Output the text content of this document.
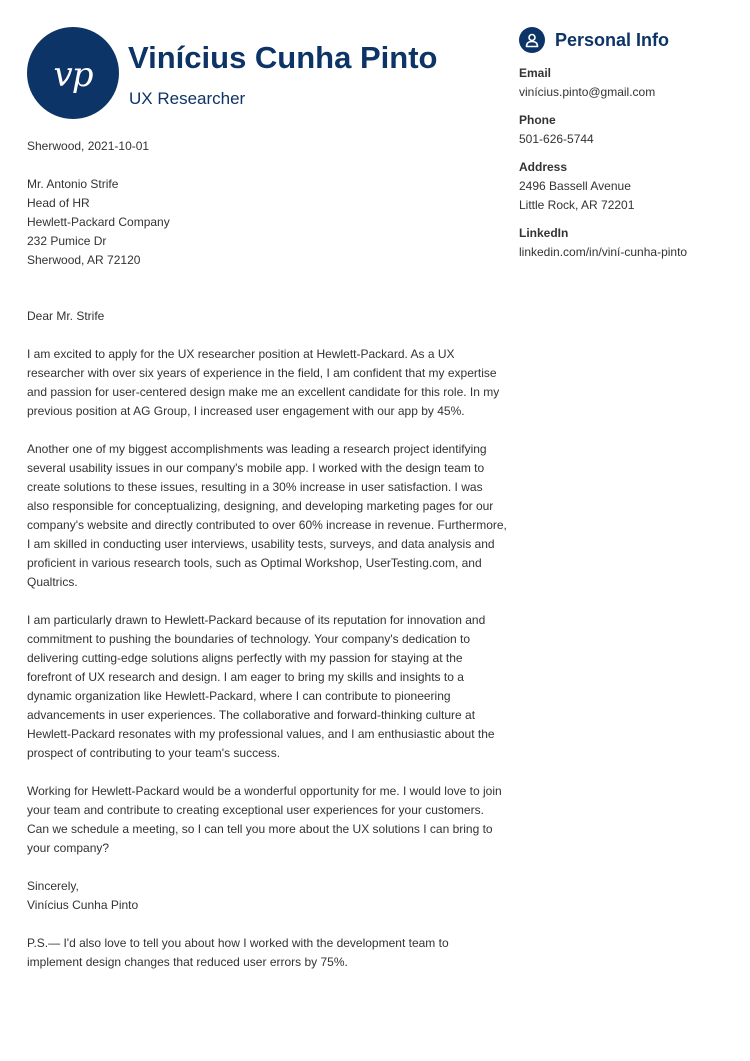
vp Vinícius Cunha Pinto
UX Researcher

Sherwood, 2021-10-01

Mr. Antonio Strife

Head of HR

Hewlett-Packard Company

232 Pumice Dr

Sherwood, AR 72120

Dear Mr. Strife

I am excited to apply for the UX researcher position at Hewlett-Packard. As a UX researcher with over six years of experience in the field, I am confident that my expertise and passion for user-centered design make me an excellent candidate for this role. In my previous position at AG Group, I increased user engagement with our app by 45%.

Another one of my biggest accomplishments was leading a research project identifying several usability issues in our company's mobile app. I worked with the design team to create solutions to these issues, resulting in a 30% increase in user satisfaction. I was also responsible for conceptualizing, designing, and developing marketing pages for our company's website and directly contributed to over 60% increase in revenue. Furthermore, I am skilled in conducting user interviews, usability tests, surveys, and data analysis and proficient in various research tools, such as Optimal Workshop, UserTesting.com, and Qualtrics.

I am particularly drawn to Hewlett-Packard because of its reputation for innovation and commitment to pushing the boundaries of technology. Your company's dedication to delivering cutting-edge solutions aligns perfectly with my passion for staying at the forefront of UX research and design. I am eager to bring my skills and insights to a dynamic organization like Hewlett-Packard, where I can contribute to pioneering advancements in user experiences. The collaborative and forward-thinking culture at Hewlett-Packard resonates with my professional values, and I am enthusiastic about the prospect of contributing to your team's success.

Working for Hewlett-Packard would be a wonderful opportunity for me. I would love to join your team and contribute to creating exceptional user experiences for your customers. Can we schedule a meeting, so I can tell you more about the UX solutions I can bring to your company?

Sincerely,

Vinícius Cunha Pinto

P.S.— I'd also love to tell you about how I worked with the development team to implement design changes that reduced user errors by 75%.

Personal Info
Email
vinícius.pinto@gmail.com
Phone
501-626-5744
Address
2496 Bassell Avenue
Little Rock, AR 72201
LinkedIn
linkedin.com/in/viní-cunha-pinto
